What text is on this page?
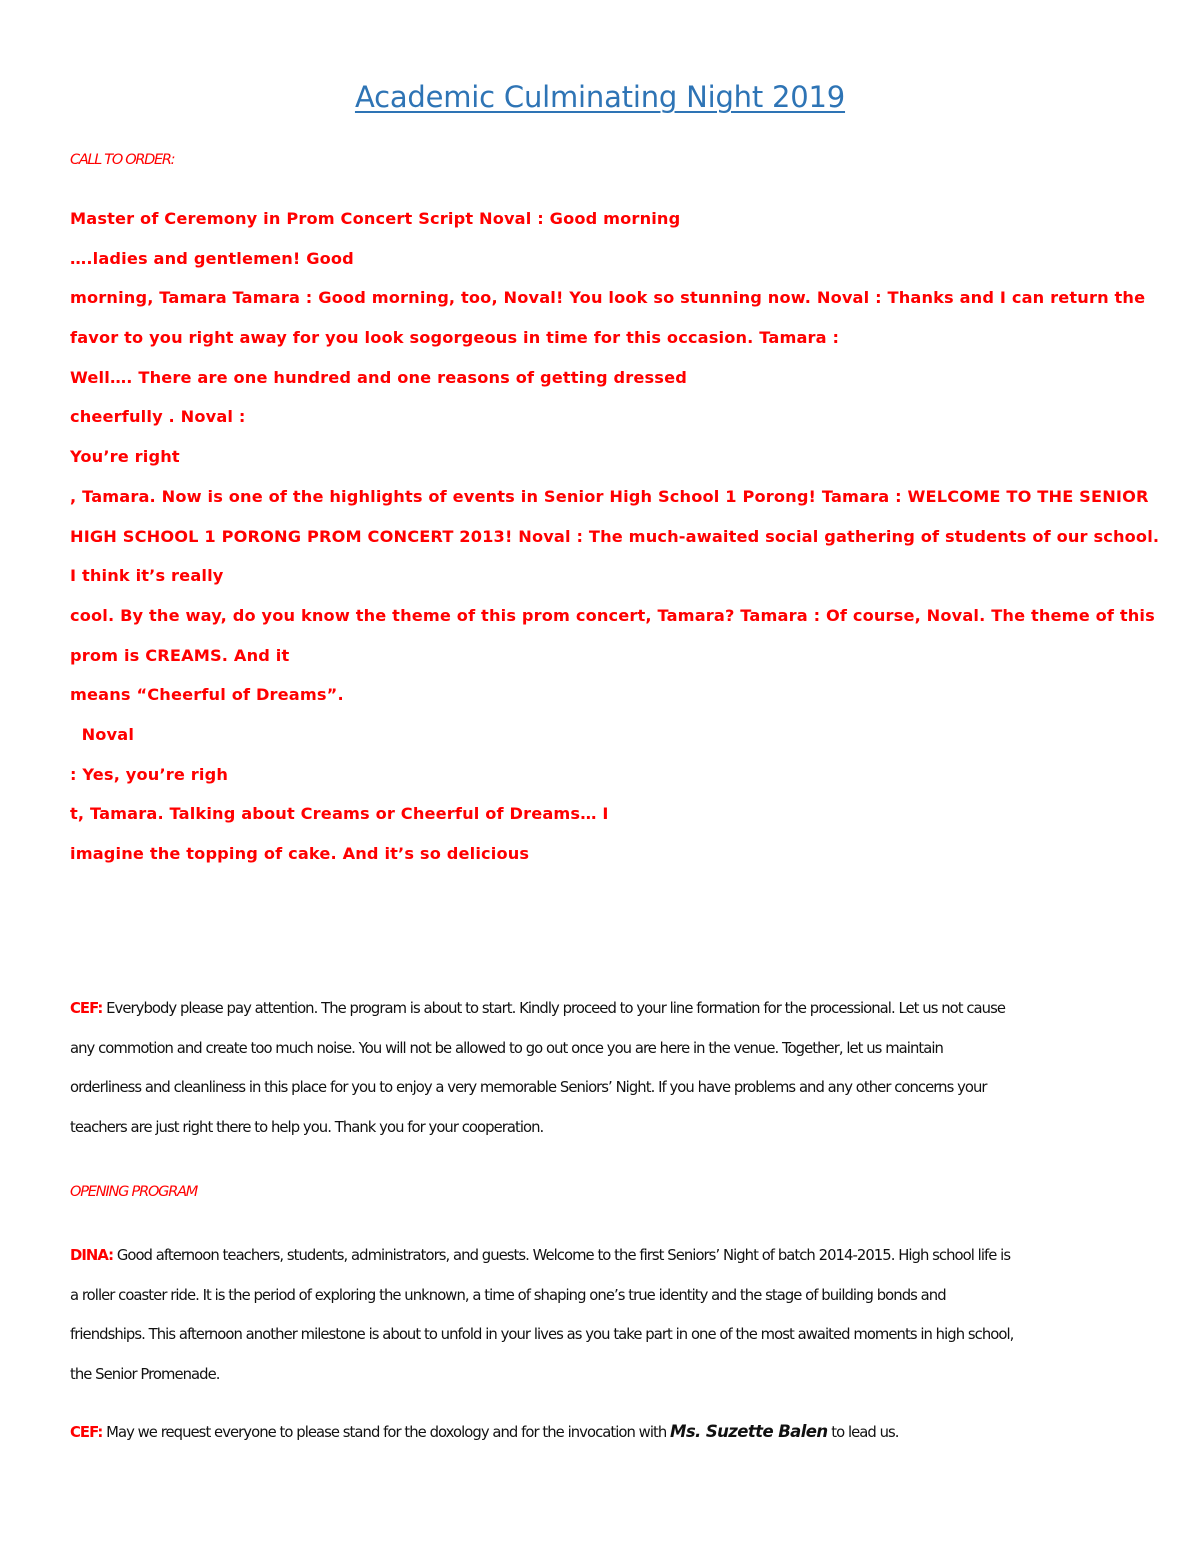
Academic Culminating Night 2019
CALL TO ORDER:
Master of Ceremony in Prom Concert Script Noval : Good morning
….ladies and gentlemen! Good
morning, Tamara Tamara : Good morning, too, Noval! You look so stunning now. Noval : Thanks and I can return the
favor to you right away for you look sogorgeous in time for this occasion. Tamara :
Well…. There are one hundred and one reasons of getting dressed
cheerfully . Noval :
You’re right
, Tamara. Now is one of the highlights of events in Senior High School 1 Porong! Tamara : WELCOME TO THE SENIOR
HIGH SCHOOL 1 PORONG PROM CONCERT 2013! Noval : The much-awaited social gathering of students of our school.
I think it’s really
cool. By the way, do you know the theme of this prom concert, Tamara? Tamara : Of course, Noval. The theme of this
prom is CREAMS. And it
means “Cheerful of Dreams”.
Noval
: Yes, you’re righ
t, Tamara. Talking about Creams or Cheerful of Dreams… I
imagine the topping of cake. And it’s so delicious
CEF: Everybody please pay attention. The program is about to start. Kindly proceed to your line formation for the processional. Let us not cause
any commotion and create too much noise. You will not be allowed to go out once you are here in the venue. Together, let us maintain
orderliness and cleanliness in this place for you to enjoy a very memorable Seniors’ Night. If you have problems and any other concerns your
teachers are just right there to help you. Thank you for your cooperation.
OPENING PROGRAM
DINA: Good afternoon teachers, students, administrators, and guests. Welcome to the first Seniors’ Night of batch 2014-2015. High school life is
a roller coaster ride. It is the period of exploring the unknown, a time of shaping one’s true identity and the stage of building bonds and
friendships. This afternoon another milestone is about to unfold in your lives as you take part in one of the most awaited moments in high school,
the Senior Promenade.
CEF: May we request everyone to please stand for the doxology and for the invocation with Ms. Suzette Balen to lead us.
